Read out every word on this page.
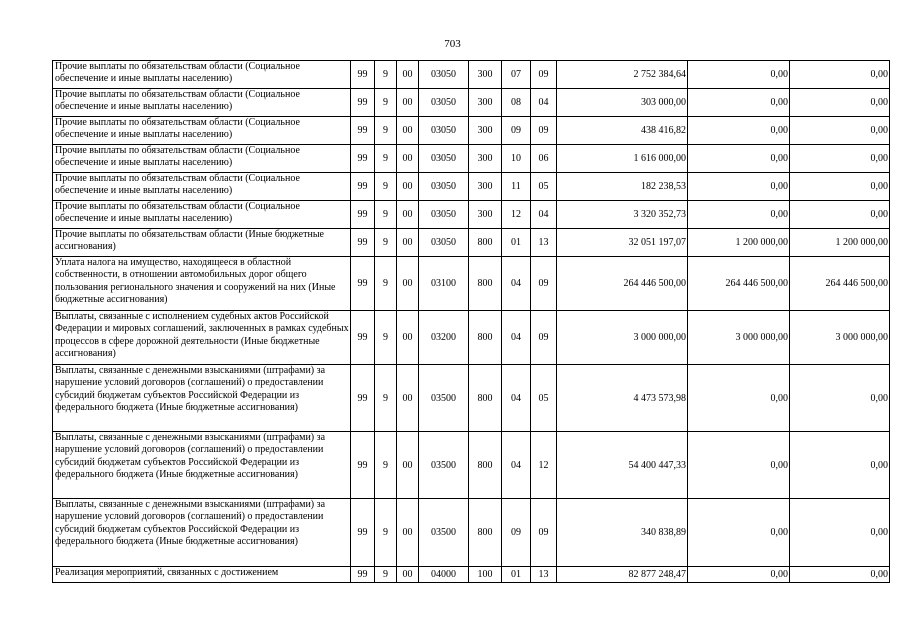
703
Прочие выплаты по обязательствам области (Социальное обеспечение и иные выплаты населению)	99	9	00	03050	300	07	09	2 752 384,64	0,00	0,00
Прочие выплаты по обязательствам области (Социальное обеспечение и иные выплаты населению)	99	9	00	03050	300	08	04	303 000,00	0,00	0,00
Прочие выплаты по обязательствам области (Социальное обеспечение и иные выплаты населению)	99	9	00	03050	300	09	09	438 416,82	0,00	0,00
Прочие выплаты по обязательствам области (Социальное обеспечение и иные выплаты населению)	99	9	00	03050	300	10	06	1 616 000,00	0,00	0,00
Прочие выплаты по обязательствам области (Социальное обеспечение и иные выплаты населению)	99	9	00	03050	300	11	05	182 238,53	0,00	0,00
Прочие выплаты по обязательствам области (Социальное обеспечение и иные выплаты населению)	99	9	00	03050	300	12	04	3 320 352,73	0,00	0,00
Прочие выплаты по обязательствам области (Иные бюджетные ассигнования)	99	9	00	03050	800	01	13	32 051 197,07	1 200 000,00	1 200 000,00
Уплата налога на имущество, находящееся в областной собственности, в отношении автомобильных дорог общего пользования регионального значения и сооружений на них (Иные бюджетные ассигнования)	99	9	00	03100	800	04	09	264 446 500,00	264 446 500,00	264 446 500,00
Выплаты, связанные с исполнением судебных актов Российской Федерации и мировых соглашений, заключенных в рамках судебных процессов в сфере дорожной деятельности (Иные бюджетные ассигнования)	99	9	00	03200	800	04	09	3 000 000,00	3 000 000,00	3 000 000,00
Выплаты, связанные с денежными взысканиями (штрафами) за нарушение условий договоров (соглашений) о предоставлении субсидий бюджетам субъектов Российской Федерации из федерального бюджета (Иные бюджетные ассигнования)	99	9	00	03500	800	04	05	4 473 573,98	0,00	0,00
Выплаты, связанные с денежными взысканиями (штрафами) за нарушение условий договоров (соглашений) о предоставлении субсидий бюджетам субъектов Российской Федерации из федерального бюджета (Иные бюджетные ассигнования)	99	9	00	03500	800	04	12	54 400 447,33	0,00	0,00
Выплаты, связанные с денежными взысканиями (штрафами) за нарушение условий договоров (соглашений) о предоставлении субсидий бюджетам субъектов Российской Федерации из федерального бюджета (Иные бюджетные ассигнования)	99	9	00	03500	800	09	09	340 838,89	0,00	0,00
Реализация мероприятий, связанных с достижением	99	9	00	04000	100	01	13	82 877 248,47	0,00	0,00
